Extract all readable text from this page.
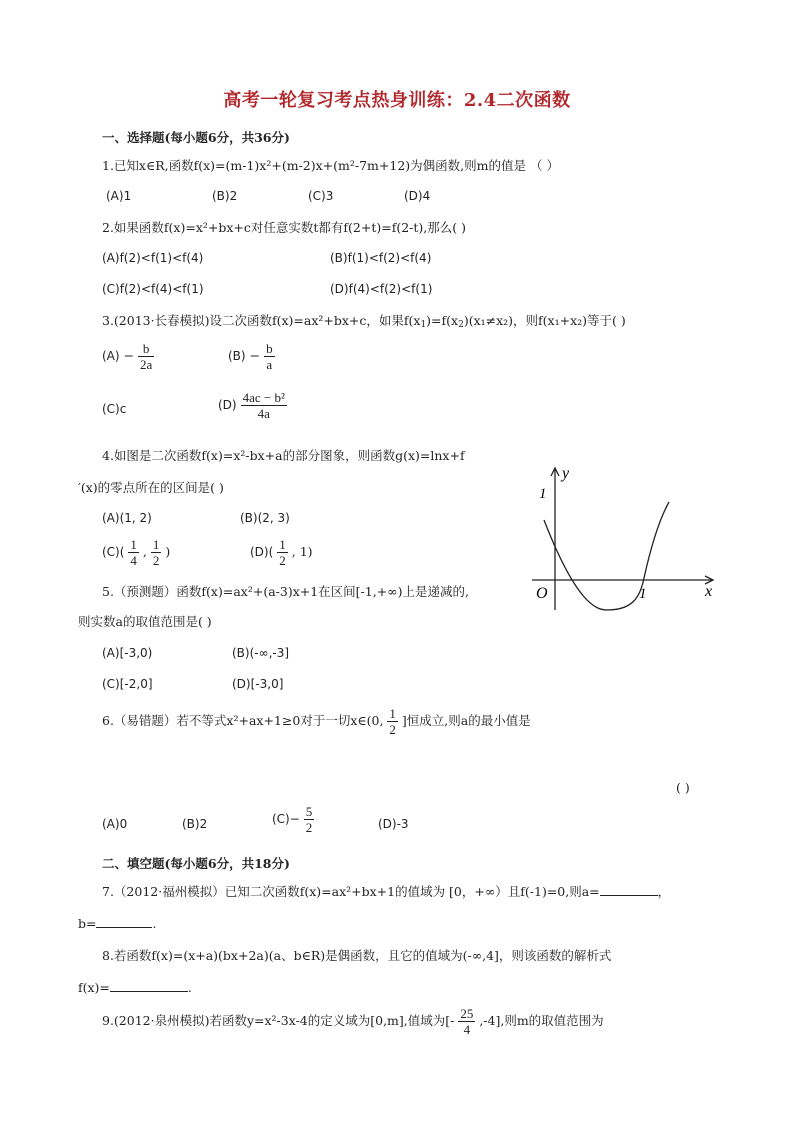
高考一轮复习考点热身训练：2.4二次函数
一、选择题(每小题6分，共36分)
1.已知x∈R,函数f(x)=(m-1)x²+(m-2)x+(m²-7m+12)为偶函数,则m的值是 （ ）
(A)1	(B)2	(C)3	(D)4
2.如果函数f(x)=x²+bx+c对任意实数t都有f(2+t)=f(2-t),那么( )
(A)f(2)<f(1)<f(4)	(B)f(1)<f(2)<f(4)
(C)f(2)<f(4)<f(1)	(D)f(4)<f(2)<f(1)
3.(2013·长春模拟)设二次函数f(x)=ax²+bx+c，如果$f(x_1)=f(x_2)(x_1\ne x_2)$，则f(x₁+x₂)等于( )
$(A) - \frac{b}{2a}$	$(B) - \frac{b}{a}$
(C)c	$(D) \frac{\text{4ac − b²}}{4a}$
4.如图是二次函数f(x)=x²-bx+a的部分图象，则函数g(x)=lnx+f
′(x)的零点所在的区间是( )
(A)(1, 2)	(B)(2, 3)
$(C)( \frac{1}{4}$ , $\frac{1}{2}$ )	$(D)( \frac{1}{2}$ , 1)
y
x
O
1
1
5.（预测题）函数f(x)=ax²+(a-3)x+1在区间[-1,+∞)上是递减的,
则实数a的取值范围是( )
(A)[-3,0)	(B)(-∞,-3]
(C)[-2,0]	(D)[-3,0]
6.（易错题）若不等式x²+ax+1≥0对于一切x∈(0, $\frac{1}{2}$ ]恒成立,则a的最小值是
( )
(A)0	(B)2	$(C)- \frac{5}{2}$	(D)-3
二、填空题(每小题6分，共18分)
7.（2012·福州模拟）已知二次函数f(x)=ax²+bx+1的值域为 [0，+∞）且f(-1)=0,则a=	，
b=	.
8.若函数f(x)=(x+a)(bx+2a)(a、b∈R)是偶函数，且它的值域为(-∞,4]，则该函数的解析式
f(x)=	.
9.(2012·泉州模拟)若函数y=x²-3x-4的定义域为[0,m],值域为[- $\frac{25}{4} ,-4$],则m的取值范围为
